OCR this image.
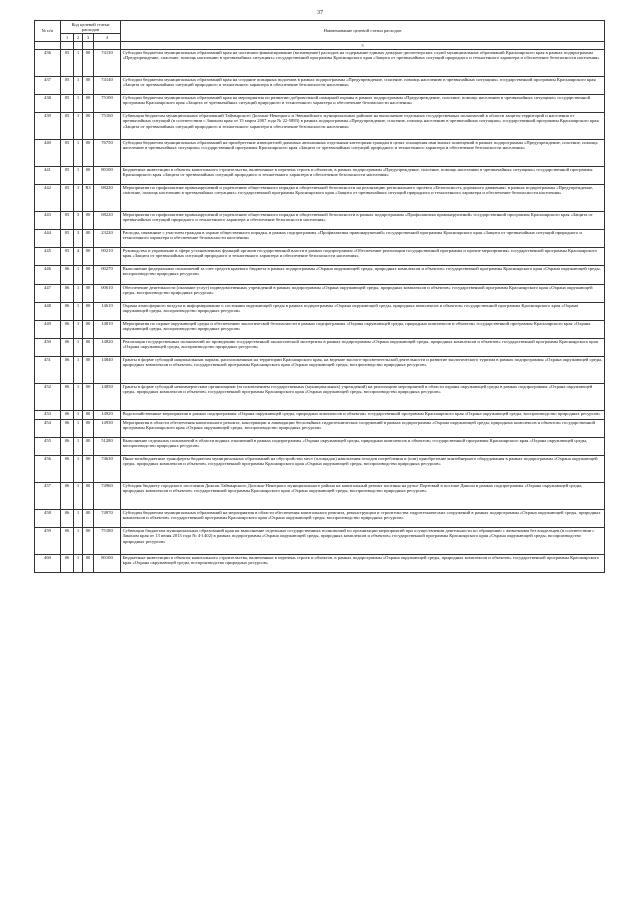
37
№ п/п	Код целевой статьи расходов				Наименование целевой статьи расходов
	1	2	3	4	
					5
436	05	1	00	74130	Субсидии бюджетам муниципальных образований края на частичное финансирование (возмещение) расходов на содержание единых дежурно-диспетчерских служб муниципальных образований Красноярского края в рамках подпрограммы «Предупреждение, спасение, помощь населению в чрезвычайных ситуациях» государственной программы Красноярского края «Защита от чрезвычайных ситуаций природного и техногенного характера и обеспечение безопасности населения»
437	05	1	00	74140	Субсидии бюджетам муниципальных образований края на создание пожарных водоемов в рамках подпрограммы «Предупреждение, спасение, помощь населению в чрезвычайных ситуациях» государственной программы Красноярского края «Защита от чрезвычайных ситуаций природного и техногенного характера и обеспечение безопасности населения»
438	05	1	00	75100	Субсидии бюджетам муниципальных образований края на мероприятия по развитию добровольной пожарной охраны в рамках подпрограммы «Предупреждение, спасение, помощь населению в чрезвычайных ситуациях» государственной программы Красноярского края «Защита от чрезвычайных ситуаций природного и техногенного характера и обеспечение безопасности населения»
439	05	1	00	75160	Субвенция бюджетам муниципальных образований Таймырского Долгано-Ненецкого и Эвенкийского муниципальных районов на выполнение отдельных государственных полномочий в области защиты территорий и населения от чрезвычайных ситуаций (в соответствии с Законом края от 15 марта 2007 года № 22-5883) в рамках подпрограммы «Предупреждение, спасение, помощь населению в чрезвычайных ситуациях» государственной программы Красноярского края «Защита от чрезвычайных ситуаций природного и техногенного характера и обеспечение безопасности населения»
440	05	1	00	76750	Субсидии бюджетам муниципальных образований на приобретение извещателей дымовых автономных отдельным категориям граждан в целях оснащения ими жилых помещений в рамках подпрограммы «Предупреждение, спасение, помощь населению в чрезвычайных ситуациях» государственной программы Красноярского края «Защита от чрезвычайных ситуаций природного и техногенного характера и обеспечение безопасности населения»
441	05	1	00	80100	Бюджетные инвестиции в объекты капитального строительства, включенные в перечень строек и объектов, в рамках подпрограммы «Предупреждение, спасение, помощь населению в чрезвычайных ситуациях» государственной программы Красноярского края «Защита от чрезвычайных ситуаций природного и техногенного характера и обеспечение безопасности населения»
442	05	1	R3	08220	Мероприятия по профилактике правонарушений и укреплению общественного порядка и общественной безопасности на реализацию регионального проекта «Безопасность дорожного движения» в рамках подпрограммы «Предупреждение, спасение, помощь населению в чрезвычайных ситуациях» государственной программы Красноярского края «Защита от чрезвычайных ситуаций природного и техногенного характера и обеспечение безопасности населения»
443	05	3	00	08220	Мероприятия по профилактике правонарушений и укреплению общественного порядка и общественной безопасности в рамках подпрограммы «Профилактика правонарушений» государственной программы Красноярского края «Защита от чрезвычайных ситуаций природного и техногенного характера и обеспечение безопасности населения»
444	05	3	00	23220	Расходы, связанные с участием граждан в охране общественного порядка, в рамках подпрограммы «Профилактика правонарушений» государственной программы Красноярского края «Защита от чрезвычайных ситуаций природного и техногенного характера и обеспечение безопасности населения»
445	05	4	00	00210	Руководство и управление в сфере установленных функций органов государственной власти в рамках подпрограммы «Обеспечение реализации государственной программы и прочие мероприятия» государственной программы Красноярского края «Защита от чрезвычайных ситуаций природного и техногенного характера и обеспечение безопасности населения»
446	06	1	00	00270	Выполнение федеральных полномочий за счет средств краевого бюджета в рамках подпрограммы «Охрана окружающей среды, природных комплексов и объектов» государственной программы Красноярского края «Охрана окружающей среды, воспроизводство природных ресурсов»
447	06	1	00	00610	Обеспечение деятельности (оказание услуг) подведомственных учреждений в рамках подпрограммы «Охрана окружающей среды, природных комплексов и объектов» государственной программы Красноярского края «Охрана окружающей среды, воспроизводство природных ресурсов»
448	06	1	00	14610	Охрана атмосферного воздуха и информирование о состоянии окружающей среды в рамках подпрограммы «Охрана окружающей среды, природных комплексов и объектов» государственной программы Красноярского края «Охрана окружающей среды, воспроизводство природных ресурсов»
449	06	1	00	14810	Мероприятия по охране окружающей среды и обеспечению экологической безопасности в рамках подпрограммы «Охрана окружающей среды, природных комплексов и объектов» государственной программы Красноярского края «Охрана окружающей среды, воспроизводство природных ресурсов»
450	06	1	00	14820	Реализация государственных полномочий по проведению государственной экологической экспертизы в рамках подпрограммы «Охрана окружающей среды, природных комплексов и объектов» государственной программы Красноярского края «Охрана окружающей среды, воспроизводство природных ресурсов»
451	06	1	00	14840	Гранты в форме субсидий национальным паркам, расположенным на территории Красноярского края, на ведение эколого-просветительской деятельности и развитие экологического туризма в рамках подпрограммы «Охрана окружающей среды, природных комплексов и объектов» государственной программы Красноярского края «Охрана окружающей среды, воспроизводство природных ресурсов»
452	06	1	00	14850	Гранты в форме субсидий некоммерческим организациям (за исключением государственных (муниципальных) учреждений) на реализацию мероприятий в области охраны окружающей среды в рамках подпрограммы «Охрана окружающей среды, природных комплексов и объектов» государственной программы Красноярского края «Охрана окружающей среды, воспроизводство природных ресурсов»
453	06	1	00	14920	Водохозяйственные мероприятия в рамках подпрограммы «Охрана окружающей среды, природных комплексов и объектов» государственной программы Красноярского края «Охрана окружающей среды, воспроизводство природных ресурсов»
454	06	1	00	14930	Мероприятия в области обеспечения капитального ремонта, консервации и ликвидации бесхозяйных гидротехнических сооружений в рамках подпрограммы «Охрана окружающей среды, природных комплексов и объектов» государственной программы Красноярского края «Охрана окружающей среды, воспроизводство природных ресурсов»
455	06	1	00	51280	Выполнение отдельных полномочий в области водных отношений в рамках подпрограммы «Охрана окружающей среды, природных комплексов и объектов» государственной программы Красноярского края «Охрана окружающей среды, воспроизводство природных ресурсов»
456	06	1	00	74630	Иные межбюджетные трансферты бюджетам муниципальных образований на обустройство мест (площадок) накопления отходов потребления и (или) приобретение контейнерного оборудования в рамках подпрограммы «Охрана окружающей среды, природных комплексов и объектов» государственной программы Красноярского края «Охрана окружающей среды, воспроизводство природных ресурсов»
457	06	1	00	74960	Субсидия бюджету городского поселения Диксон Таймырского Долгано-Ненецкого муниципального района на капитальный ремонт плотины на ручье Портовый в поселке Диксон в рамках подпрограммы «Охрана окружающей среды, природных комплексов и объектов» государственной программы Красноярского края «Охрана окружающей среды, воспроизводство природных ресурсов»
458	06	1	00	74970	Субсидии бюджетам муниципальных образований на мероприятия в области обеспечения капитального ремонта, реконструкции и строительства гидротехнических сооружений в рамках подпрограммы «Охрана окружающей среды, природных комплексов и объектов» государственной программы Красноярского края «Охрана окружающей среды, воспроизводство природных ресурсов»
459	06	1	00	75180	Субвенции бюджетам муниципальных образований края на выполнение отдельных государственных полномочий по организации мероприятий при осуществлении деятельности по обращению с животными без владельцев (в соответствии с Законом края от 13 июня 2013 года № 4-1402) в рамках подпрограммы «Охрана окружающей среды, природных комплексов и объектов» государственной программы Красноярского края «Охрана окружающей среды, воспроизводство природных ресурсов»
460	06	1	00	80100	Бюджетные инвестиции в объекты капитального строительства, включенные в перечень строек и объектов, в рамках подпрограммы «Охрана окружающей среды, природных комплексов и объектов» государственной программы Красноярского края «Охрана окружающей среды, воспроизводство природных ресурсов»
